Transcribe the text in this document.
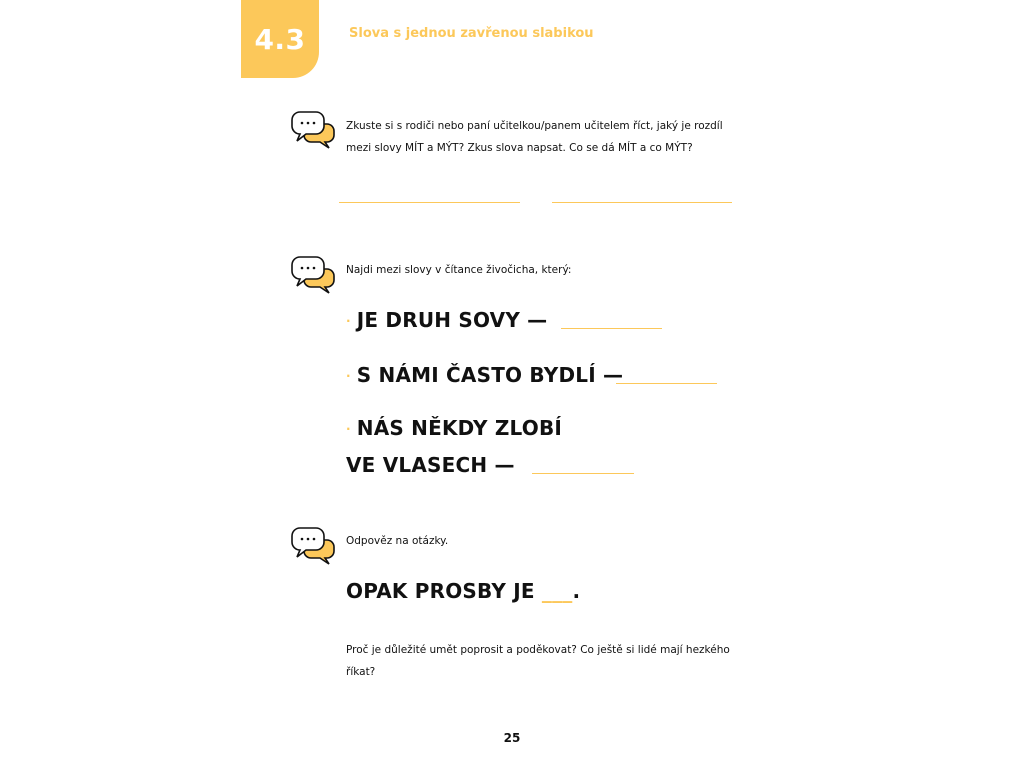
4.3	Slova s jednou zavřenou slabikou
Zkuste si s rodiči nebo paní učitelkou/panem učitelem říct, jaký je rozdíl
mezi slovy MÍT a MÝT? Zkus slova napsat. Co se dá MÍT a co MÝT?
Najdi mezi slovy v čítance živočicha, který:
· JE DRUH SOVY —
· S NÁMI ČASTO BYDLÍ —
· NÁS NĚKDY ZLOBÍ
VE VLASECH —
Odpověz na otázky.
OPAK PROSBY JE ___.
Proč je důležité umět poprosit a poděkovat? Co ještě si lidé mají hezkého
říkat?
25
